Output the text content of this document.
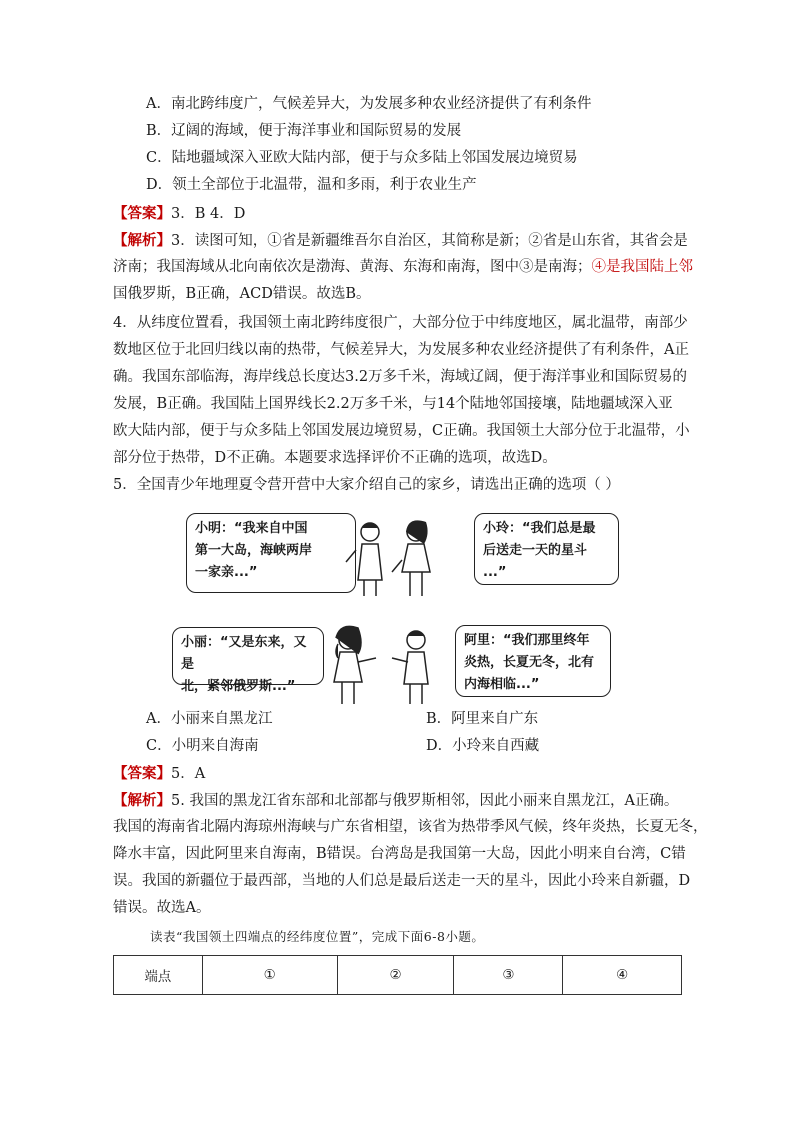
A．南北跨纬度广，气候差异大，为发展多种农业经济提供了有利条件
B．辽阔的海域，便于海洋事业和国际贸易的发展
C．陆地疆域深入亚欧大陆内部，便于与众多陆上邻国发展边境贸易
D．领土全部位于北温带，温和多雨，利于农业生产
【答案】3．B 4．D
【解析】3．读图可知，①省是新疆维吾尔自治区，其简称是新；②省是山东省，其省会是
济南；我国海域从北向南依次是渤海、黄海、东海和南海，图中③是南海；④是我国陆上邻
国俄罗斯，B正确，ACD错误。故选B。
4．从纬度位置看，我国领土南北跨纬度很广，大部分位于中纬度地区，属北温带，南部少
数地区位于北回归线以南的热带，气候差异大，为发展多种农业经济提供了有利条件，A正
确。我国东部临海，海岸线总长度达3.2万多千米，海域辽阔，便于海洋事业和国际贸易的
发展，B正确。我国陆上国界线长2.2万多千米，与14个陆地邻国接壤，陆地疆域深入亚
欧大陆内部，便于与众多陆上邻国发展边境贸易，C正确。我国领土大部分位于北温带，小
部分位于热带，D不正确。本题要求选择评价不正确的选项，故选D。
5．全国青少年地理夏令营开营中大家介绍自己的家乡，请选出正确的选项（ ）
小明：“我来自中国
第一大岛，海峡两岸
一家亲...”
小玲：“我们总是最
后送走一天的星斗
...”
小丽：“又是东来，又是
北，紧邻俄罗斯...”
阿里：“我们那里终年
炎热，长夏无冬，北有
内海相临...”
A．小丽来自黑龙江	B．阿里来自广东
C．小明来自海南	D．小玲来自西藏
【答案】5．A
【解析】5. 我国的黑龙江省东部和北部都与俄罗斯相邻，因此小丽来自黑龙江，A正确。
我国的海南省北隔内海琼州海峡与广东省相望，该省为热带季风气候，终年炎热，长夏无冬，
降水丰富，因此阿里来自海南，B错误。台湾岛是我国第一大岛，因此小明来自台湾，C错
误。我国的新疆位于最西部，当地的人们总是最后送走一天的星斗，因此小玲来自新疆，D
错误。故选A。
读表“我国领土四端点的经纬度位置”，完成下面6-8小题。
端点	①	②	③	④
